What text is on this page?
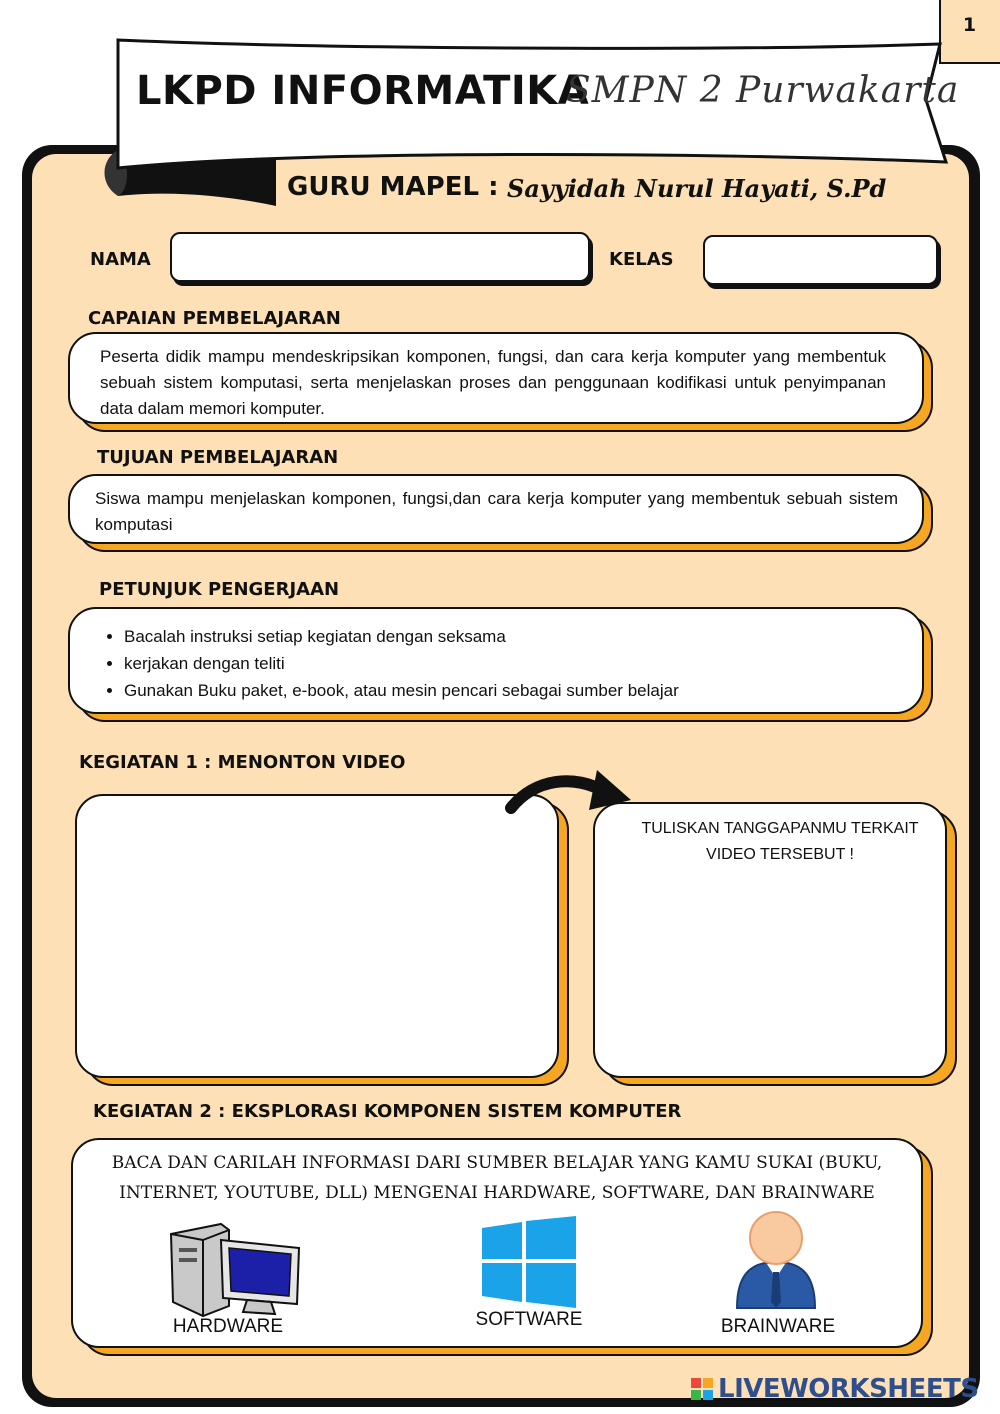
1
LKPD INFORMATIKA
SMPN 2 Purwakarta
GURU MAPEL : Sayyidah Nurul Hayati, S.Pd
NAMA	KELAS
CAPAIAN PEMBELAJARAN
Peserta didik mampu mendeskripsikan komponen, fungsi, dan cara kerja komputer yang membentuk sebuah sistem komputasi, serta menjelaskan proses dan penggunaan kodifikasi untuk penyimpanan data dalam memori komputer.
TUJUAN PEMBELAJARAN
Siswa mampu menjelaskan komponen, fungsi,dan cara kerja komputer yang membentuk sebuah sistem komputasi
PETUNJUK PENGERJAAN
• Bacalah instruksi setiap kegiatan dengan seksama
• kerjakan dengan teliti
• Gunakan Buku paket, e-book, atau mesin pencari sebagai sumber belajar
KEGIATAN 1 : MENONTON VIDEO
TULISKAN TANGGAPANMU TERKAIT VIDEO TERSEBUT !
KEGIATAN 2 : EKSPLORASI KOMPONEN SISTEM KOMPUTER
BACA DAN CARILAH INFORMASI DARI SUMBER BELAJAR YANG KAMU SUKAI (BUKU, INTERNET, YOUTUBE, DLL) MENGENAI HARDWARE, SOFTWARE, DAN BRAINWARE
HARDWARE	SOFTWARE	BRAINWARE
LIVEWORKSHEETS
